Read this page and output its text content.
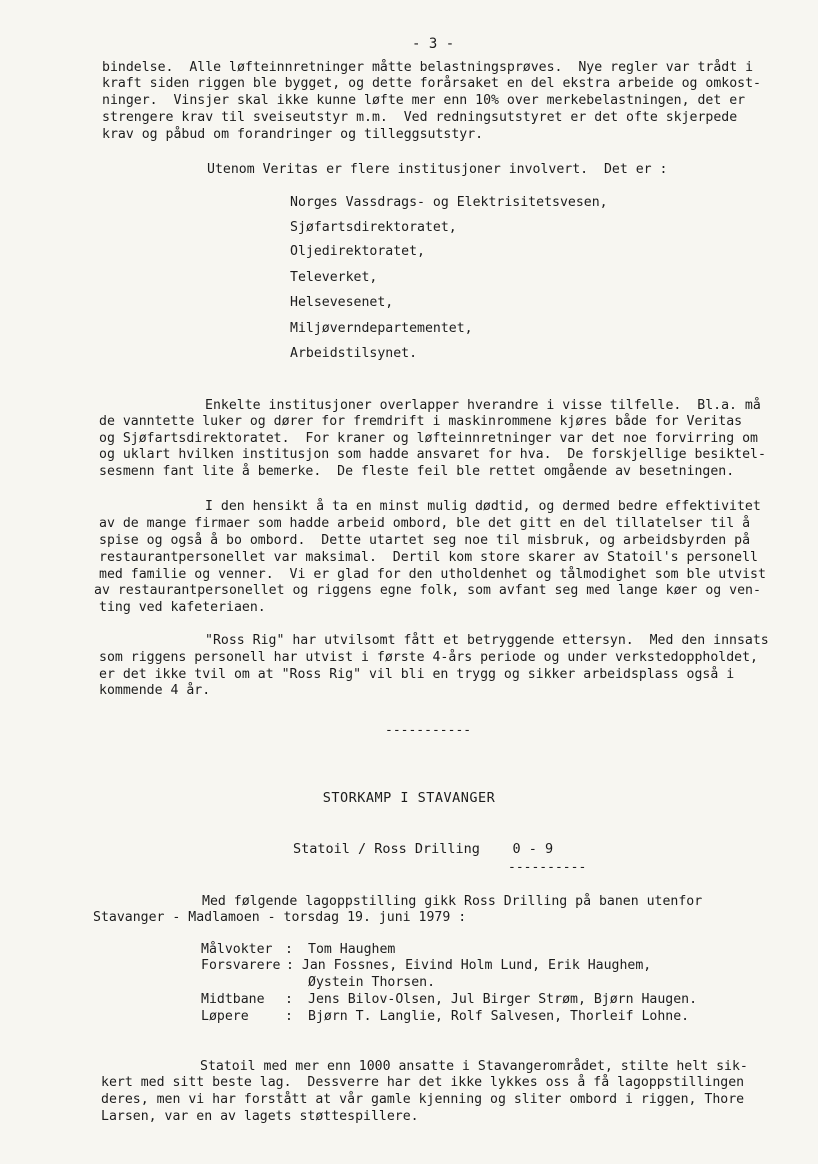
- 3 -
bindelse.  Alle løfteinnretninger måtte belastningsprøves.  Nye regler var trådt i
kraft siden riggen ble bygget, og dette forårsaket en del ekstra arbeide og omkost-
ninger.  Vinsjer skal ikke kunne løfte mer enn 10% over merkebelastningen, det er
strengere krav til sveiseutstyr m.m.  Ved redningsutstyret er det ofte skjerpede
krav og påbud om forandringer og tilleggsutstyr.
Utenom Veritas er flere institusjoner involvert.  Det er :
Norges Vassdrags- og Elektrisitetsvesen,
Sjøfartsdirektoratet,
Oljedirektoratet,
Televerket,
Helsevesenet,
Miljøverndepartementet,
Arbeidstilsynet.
Enkelte institusjoner overlapper hverandre i visse tilfelle.  Bl.a. må
de vanntette luker og dører for fremdrift i maskinrommene kjøres både for Veritas
og Sjøfartsdirektoratet.  For kraner og løfteinnretninger var det noe forvirring om
og uklart hvilken institusjon som hadde ansvaret for hva.  De forskjellige besiktel-
sesmenn fant lite å bemerke.  De fleste feil ble rettet omgående av besetningen.
I den hensikt å ta en minst mulig dødtid, og dermed bedre effektivitet
av de mange firmaer som hadde arbeid ombord, ble det gitt en del tillatelser til å
spise og også å bo ombord.  Dette utartet seg noe til misbruk, og arbeidsbyrden på
restaurantpersonellet var maksimal.  Dertil kom store skarer av Statoil's personell
med familie og venner.  Vi er glad for den utholdenhet og tålmodighet som ble utvist
av restaurantpersonellet og riggens egne folk, som avfant seg med lange køer og ven-
ting ved kafeteriaen.
"Ross Rig" har utvilsomt fått et betryggende ettersyn.  Med den innsats
som riggens personell har utvist i første 4-års periode og under verkstedoppholdet,
er det ikke tvil om at "Ross Rig" vil bli en trygg og sikker arbeidsplass også i
kommende 4 år.
-----------
STORKAMP I STAVANGER
Statoil / Ross Drilling    0 - 9
----------
Med følgende lagoppstilling gikk Ross Drilling på banen utenfor
Stavanger - Madlamoen - torsdag 19. juni 1979 :
Målvokter : Tom Haughem
Forsvarere : Jan Fossnes, Eivind Holm Lund, Erik Haughem,
Øystein Thorsen.
Midtbane : Jens Bilov-Olsen, Jul Birger Strøm, Bjørn Haugen.
Løpere	: Bjørn T. Langlie, Rolf Salvesen, Thorleif Lohne.
Statoil med mer enn 1000 ansatte i Stavangerområdet, stilte helt sik-
kert med sitt beste lag.  Dessverre har det ikke lykkes oss å få lagoppstillingen
deres, men vi har forstått at vår gamle kjenning og sliter ombord i riggen, Thore
Larsen, var en av lagets støttespillere.
